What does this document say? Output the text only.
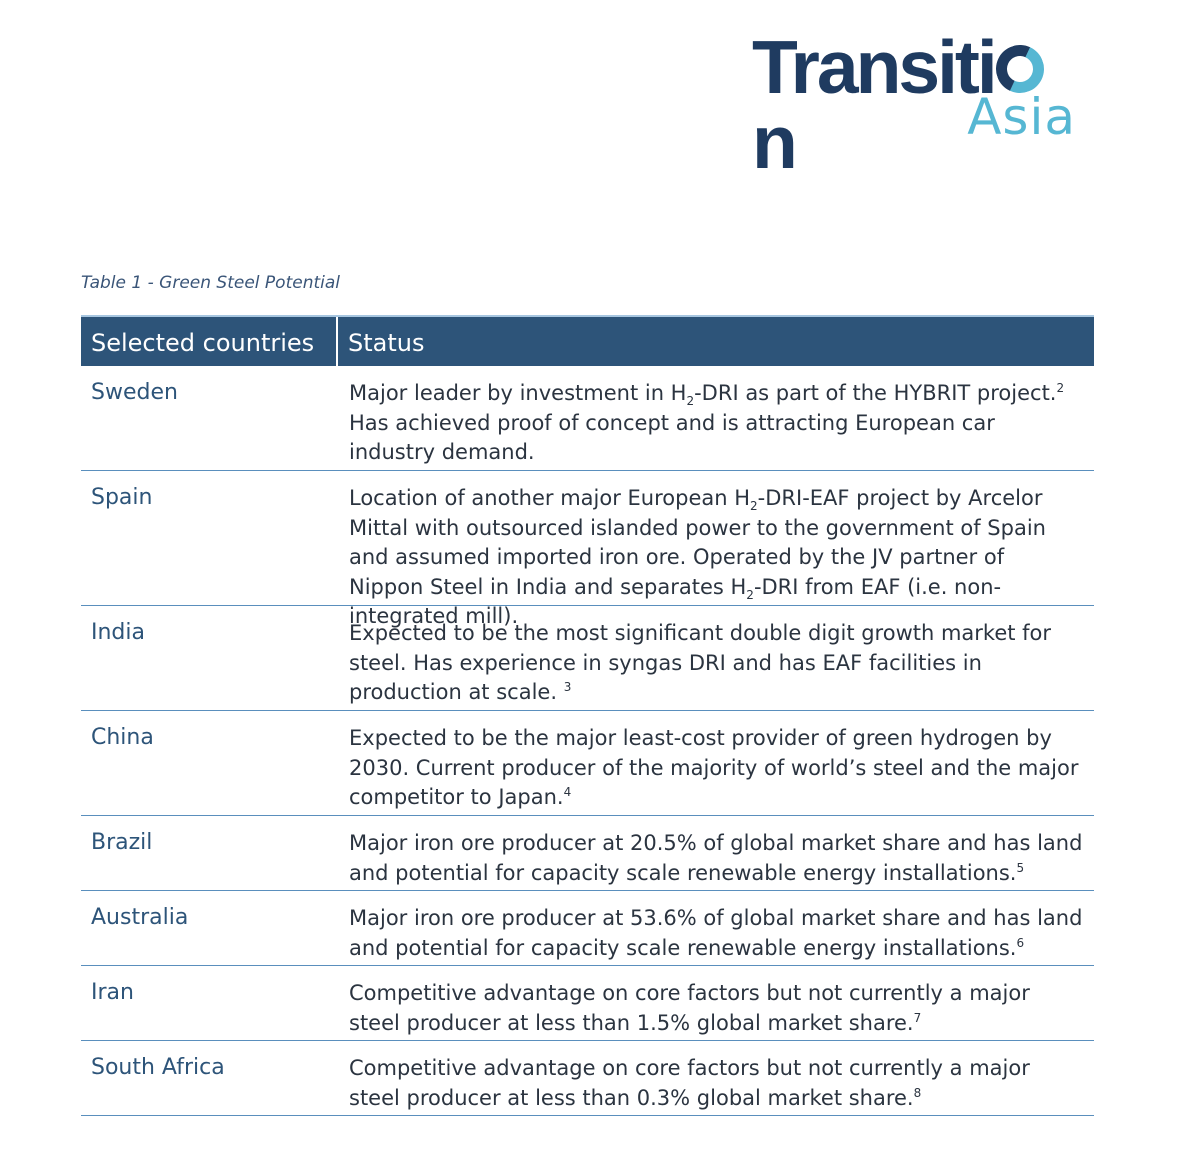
Transitin	Asia
Table 1 - Green Steel Potential
Selected countries	Status
Sweden	Major leader by investment in $H_2$-DRI as part of the HYBRIT project.$^2$ Has achieved proof of concept and is attracting European car industry demand.
Spain	Location of another major European $H_2-DRI$-EAF project by Arcelor Mittal with outsourced islanded power to the government of Spain and assumed imported iron ore. Operated by the JV partner of Nippon Steel in India and separates $H_2$-DRI from EAF (i.e. non-integrated mill).
India	Expected to be the most significant double digit growth market for steel. Has experience in syngas DRI and has EAF facilities in production at scale. $^3$
China	Expected to be the major least-cost provider of green hydrogen by 2030. Current producer of the majority of world’s steel and the major competitor to Japan.$^4$
Brazil	Major iron ore producer at 20.5% of global market share and has land and potential for capacity scale renewable energy installations.$^5$
Australia	Major iron ore producer at 53.6% of global market share and has land and potential for capacity scale renewable energy installations.$^6$
Iran	Competitive advantage on core factors but not currently a major steel producer at less than 1.5% global market share.$^7$
South Africa	Competitive advantage on core factors but not currently a major steel producer at less than 0.3% global market share.$^8$
